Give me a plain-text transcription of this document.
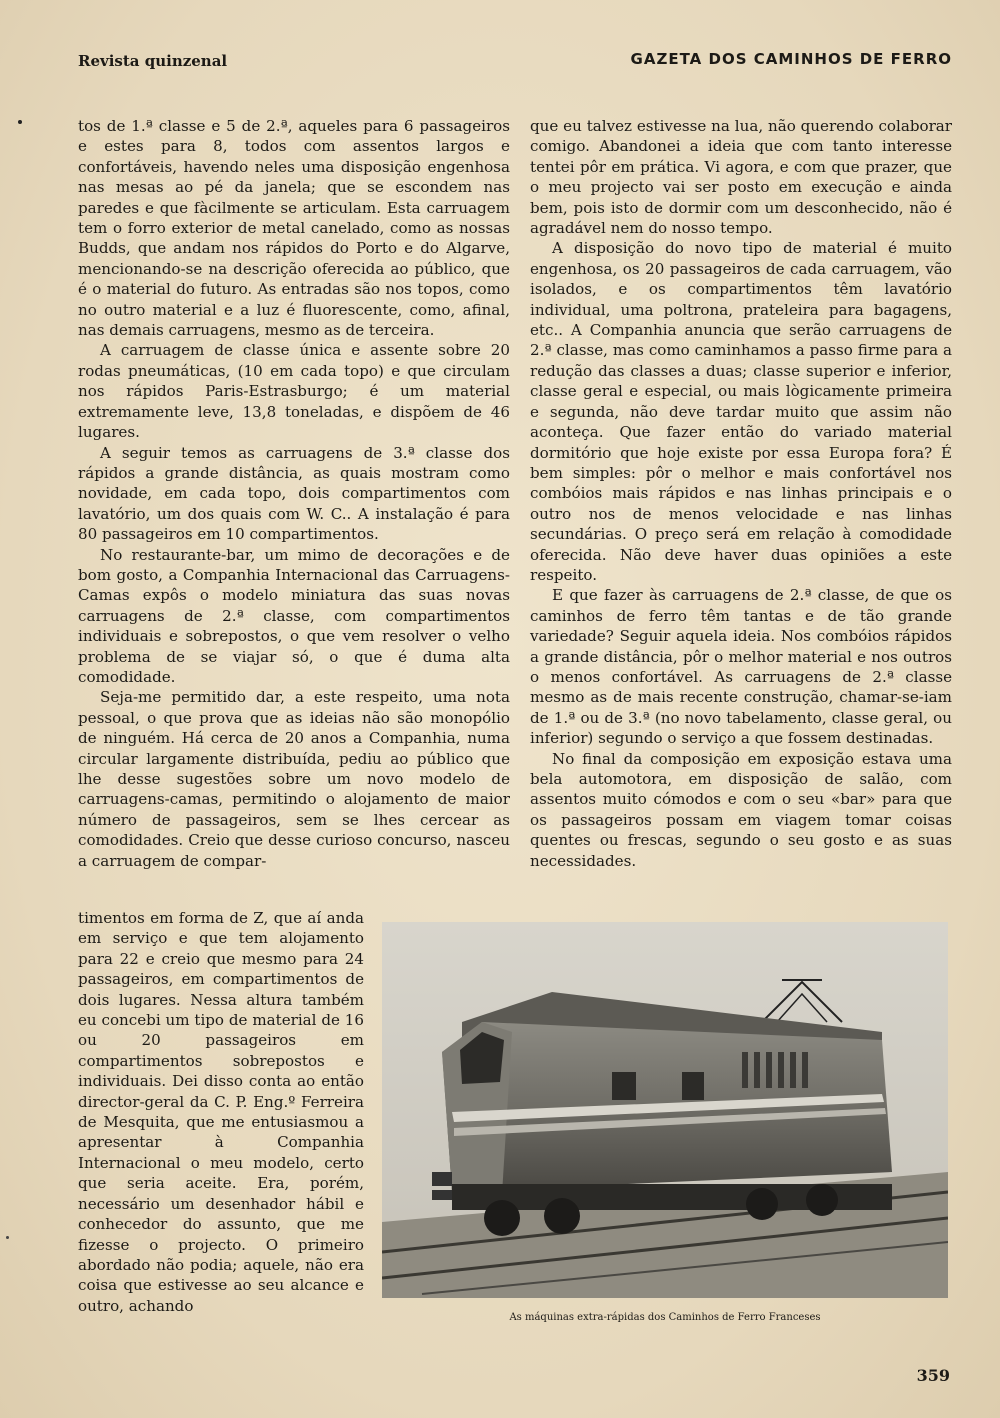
Revista quinzenal	GAZETA DOS CAMINHOS DE FERRO

tos de 1.ª classe e 5 de 2.ª, aqueles para 6 passageiros e estes para 8, todos com assentos largos e confortáveis, havendo neles uma disposição engenhosa nas mesas ao pé da janela; que se escondem nas paredes e que fàcilmente se articulam. Esta carruagem tem o forro exterior de metal canelado, como as nossas Budds, que andam nos rápidos do Porto e do Algarve, mencionando-se na descrição oferecida ao público, que é o material do futuro. As entradas são nos topos, como no outro material e a luz é fluorescente, como, afinal, nas demais carruagens, mesmo as de terceira.

A carruagem de classe única e assente sobre 20 rodas pneumáticas, (10 em cada topo) e que circulam nos rápidos Paris-Estrasburgo; é um material extremamente leve, 13,8 toneladas, e dispõem de 46 lugares.

A seguir temos as carruagens de 3.ª classe dos rápidos a grande distância, as quais mostram como novidade, em cada topo, dois compartimentos com lavatório, um dos quais com W. C.. A instalação é para 80 passageiros em 10 compartimentos.

No restaurante-bar, um mimo de decorações e de bom gosto, a Companhia Internacional das Carruagens-Camas expôs o modelo miniatura das suas novas carruagens de 2.ª classe, com compartimentos individuais e sobrepostos, o que vem resolver o velho problema de se viajar só, o que é duma alta comodidade.

Seja-me permitido dar, a este respeito, uma nota pessoal, o que prova que as ideias não são monopólio de ninguém. Há cerca de 20 anos a Companhia, numa circular largamente distribuída, pediu ao público que lhe desse sugestões sobre um novo modelo de carruagens-camas, permitindo o alojamento de maior número de passageiros, sem se lhes cercear as comodidades. Creio que desse curioso concurso, nasceu a carruagem de compar-

timentos em forma de Z, que aí anda em serviço e que tem alojamento para 22 e creio que mesmo para 24 passageiros, em compartimentos de dois lugares. Nessa altura também eu concebi um tipo de material de 16 ou 20 passageiros em compartimentos sobrepostos e individuais. Dei disso conta ao então director-geral da C. P. Eng.º Ferreira de Mesquita, que me entusiasmou a apresentar à Companhia Internacional o meu modelo, certo que seria aceite. Era, porém, necessário um desenhador hábil e conhecedor do assunto, que me fizesse o projecto. O primeiro abordado não podia; aquele, não era coisa que estivesse ao seu alcance e outro, achando

que eu talvez estivesse na lua, não querendo colaborar comigo. Abandonei a ideia que com tanto interesse tentei pôr em prática. Vi agora, e com que prazer, que o meu projecto vai ser posto em execução e ainda bem, pois isto de dormir com um desconhecido, não é agradável nem do nosso tempo.

A disposição do novo tipo de material é muito engenhosa, os 20 passageiros de cada carruagem, vão isolados, e os compartimentos têm lavatório individual, uma poltrona, prateleira para bagagens, etc.. A Companhia anuncia que serão carruagens de 2.ª classe, mas como caminhamos a passo firme para a redução das classes a duas; classe superior e inferior, classe geral e especial, ou mais lògicamente primeira e segunda, não deve tardar muito que assim não aconteça. Que fazer então do variado material dormitório que hoje existe por essa Europa fora? É bem simples: pôr o melhor e mais confortável nos combóios mais rápidos e nas linhas principais e o outro nos de menos velocidade e nas linhas secundárias. O preço será em relação à comodidade oferecida. Não deve haver duas opiniões a este respeito.

E que fazer às carruagens de 2.ª classe, de que os caminhos de ferro têm tantas e de tão grande variedade? Seguir aquela ideia. Nos combóios rápidos a grande distância, pôr o melhor material e nos outros o menos confortável. As carruagens de 2.ª classe mesmo as de mais recente construção, chamar-se-iam de 1.ª ou de 3.ª (no novo tabelamento, classe geral, ou inferior) segundo o serviço a que fossem destinadas.

No final da composição em exposição estava uma bela automotora, em disposição de salão, com assentos muito cómodos e com o seu «bar» para que os passageiros possam em viagem tomar coisas quentes ou frescas, segundo o seu gosto e as suas necessidades.

As máquinas extra-rápidas dos Caminhos de Ferro Franceses
359
